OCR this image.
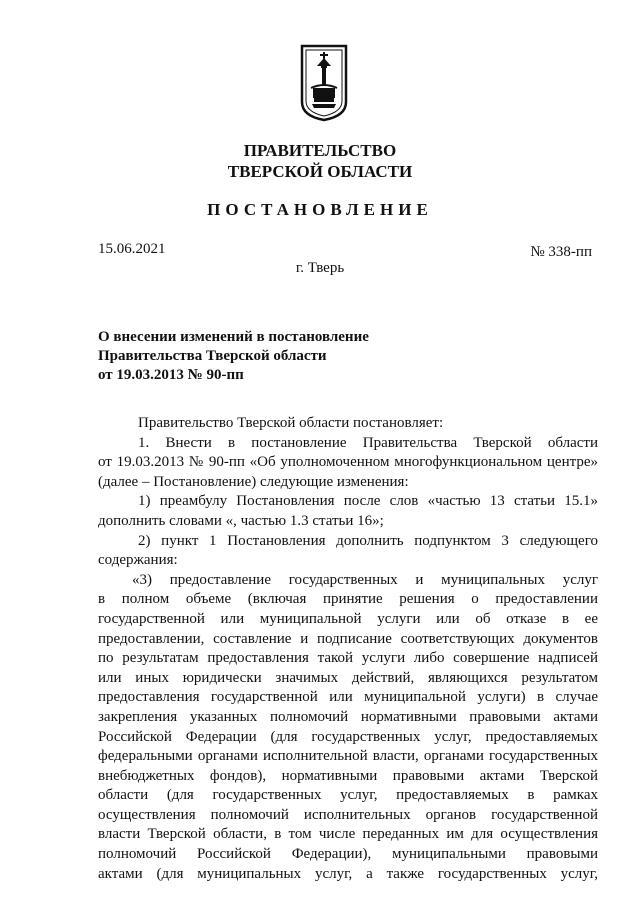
ПРАВИТЕЛЬСТВО
ТВЕРСКОЙ ОБЛАСТИ
ПОСТАНОВЛЕНИЕ
15.06.2021	№ 338-пп
г. Тверь
О внесении изменений в постановление
Правительства Тверской области
от 19.03.2013 № 90-пп
Правительство Тверской области постановляет:
1. Внести в постановление Правительства Тверской области
от 19.03.2013 № 90-пп «Об уполномоченном многофункциональном центре»
(далее – Постановление) следующие изменения:
1) преамбулу Постановления после слов «частью 13 статьи 15.1»
дополнить словами «, частью 1.3 статьи 16»;
2) пункт 1 Постановления дополнить подпунктом 3 следующего
содержания:
«3) предоставление государственных и муниципальных услуг
в полном объеме (включая принятие решения о предоставлении
государственной или муниципальной услуги или об отказе в ее
предоставлении, составление и подписание соответствующих документов
по результатам предоставления такой услуги либо совершение надписей
или иных юридически значимых действий, являющихся результатом
предоставления государственной или муниципальной услуги) в случае
закрепления указанных полномочий нормативными правовыми актами
Российской Федерации (для государственных услуг, предоставляемых
федеральными органами исполнительной власти, органами государственных
внебюджетных фондов), нормативными правовыми актами Тверской
области (для государственных услуг, предоставляемых в рамках
осуществления полномочий исполнительных органов государственной
власти Тверской области, в том числе переданных им для осуществления
полномочий Российской Федерации), муниципальными правовыми
актами (для муниципальных услуг, а также государственных услуг,
